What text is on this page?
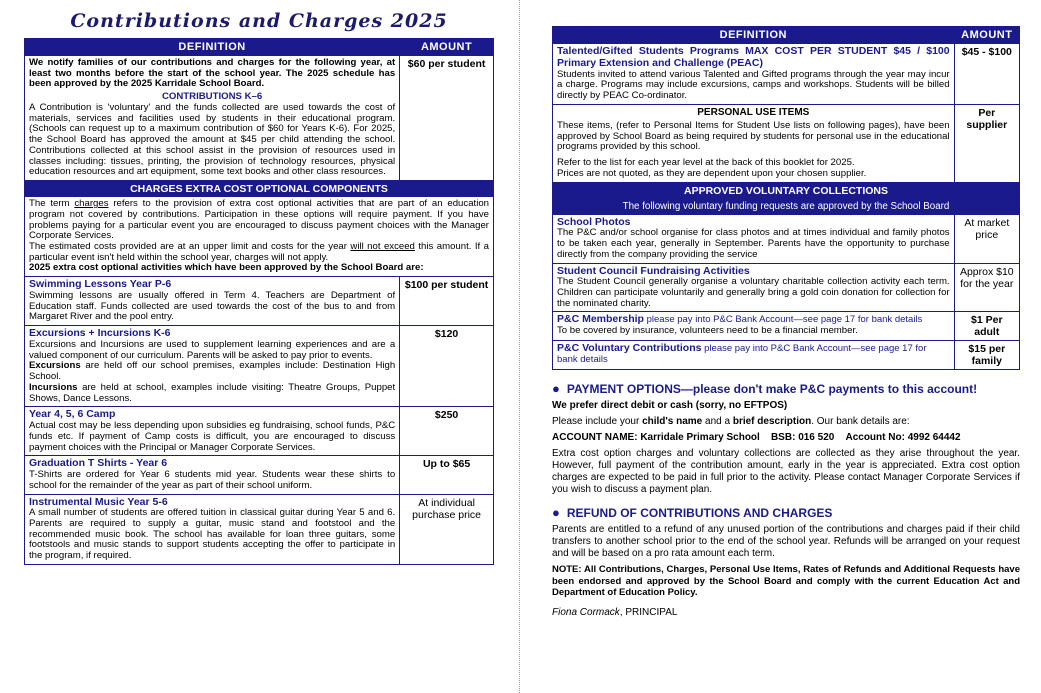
Contributions and Charges 2025
DEFINITION	AMOUNT

We notify families of our contributions and charges for the following year, at least two months before the start of the school year. The 2025 schedule has been approved by the 2025 Karridale School Board.

CONTRIBUTIONS K–6

A Contribution is 'voluntary' and the funds collected are used towards the cost of materials, services and facilities used by students in their educational program. (Schools can request up to a maximum contribution of $60 for Years K-6). For 2025, the School Board has approved the amount at $45 per child attending the school. Contributions collected at this school assist in the provision of resources used in classes including: tissues, printing, the provision of technology resources, physical education resources and art equipment, some text books and other class resources.	$60 per student

CHARGES EXTRA COST OPTIONAL COMPONENTS

The term charges refers to the provision of extra cost optional activities that are part of an education program not covered by contributions. Participation in these options will require payment. If you have problems paying for a particular event you are encouraged to discuss payment choices with the Manager Corporate Services.

The estimated costs provided are at an upper limit and costs for the year will not exceed this amount. If a particular event isn't held within the school year, charges will not apply.

2025 extra cost optional activities which have been approved by the School Board are:	

Swimming Lessons Year P-6

Swimming lessons are usually offered in Term 4. Teachers are Department of Education staff. Funds collected are used towards the cost of the bus to and from Margaret River and the pool entry.	$100 per student

Excursions + Incursions K-6

Excursions and Incursions are used to supplement learning experiences and are a valued component of our curriculum. Parents will be asked to pay prior to events.

Excursions are held off our school premises, examples include: Destination High School.

Incursions are held at school, examples include visiting: Theatre Groups, Puppet Shows, Dance Lessons.	$120

Year 4, 5, 6 Camp

Actual cost may be less depending upon subsidies eg fundraising, school funds, P&C funds etc. If payment of Camp costs is difficult, you are encouraged to discuss payment choices with the Principal or Manager Corporate Services.	$250

Graduation T Shirts - Year 6

T-Shirts are ordered for Year 6 students mid year. Students wear these shirts to school for the remainder of the year as part of their school uniform.	Up to $65

Instrumental Music Year 5-6

A small number of students are offered tuition in classical guitar during Year 5 and 6. Parents are required to supply a guitar, music stand and footstool and the recommended music book. The school has available for loan three guitars, some footstools and music stands to support students accepting the offer to participate in the program, if required.	At individual purchase price
DEFINITION	AMOUNT

Talented/Gifted Students Programs MAX COST PER STUDENT $45 / $100 Primary Extension and Challenge (PEAC)

Students invited to attend various Talented and Gifted programs through the year may incur a charge. Programs may include excursions, camps and workshops. Students will be billed directly by PEAC Co-ordinator.	$45 - $100

PERSONAL USE ITEMS

These items, (refer to Personal Items for Student Use lists on following pages), have been approved by School Board as being required by students for personal use in the educational programs provided by this school.

Refer to the list for each year level at the back of this booklet for 2025.

Prices are not quoted, as they are dependent upon your chosen supplier.	Per supplier

APPROVED VOLUNTARY COLLECTIONS
The following voluntary funding requests are approved by the School Board	

School Photos

The P&C and/or school organise for class photos and at times individual and family photos to be taken each year, generally in September. Parents have the opportunity to purchase directly from the company providing the service	At market price

Student Council Fundraising Activities

The Student Council generally organise a voluntary charitable collection activity each term. Children can participate voluntarily and generally bring a gold coin donation for collection for the nominated charity.	Approx $10 for the year

P&C Membership please pay into P&C Bank Account—see page 17 for bank details

To be covered by insurance, volunteers need to be a financial member.	$1 Per adult

P&C Voluntary Contributions please pay into P&C Bank Account—see page 17 for bank details	$15 per family
● PAYMENT OPTIONS—please don't make P&C payments to this account!

We prefer direct debit or cash (sorry, no EFTPOS)

Please include your child's name and a brief description. Our bank details are:

ACCOUNT NAME: Karridale Primary School BSB: 016 520 Account No: 4992 64442

Extra cost option charges and voluntary collections are collected as they arise throughout the year. However, full payment of the contribution amount, early in the year is appreciated. Extra cost option charges are expected to be paid in full prior to the activity. Please contact Manager Corporate Services if you wish to discuss a payment plan.

● REFUND OF CONTRIBUTIONS AND CHARGES

Parents are entitled to a refund of any unused portion of the contributions and charges paid if their child transfers to another school prior to the end of the school year. Refunds will be arranged on your request and will be based on a pro rata amount each term.

NOTE: All Contributions, Charges, Personal Use Items, Rates of Refunds and Additional Requests have been endorsed and approved by the School Board and comply with the current Education Act and Department of Education Policy.

Fiona Cormack, PRINCIPAL
